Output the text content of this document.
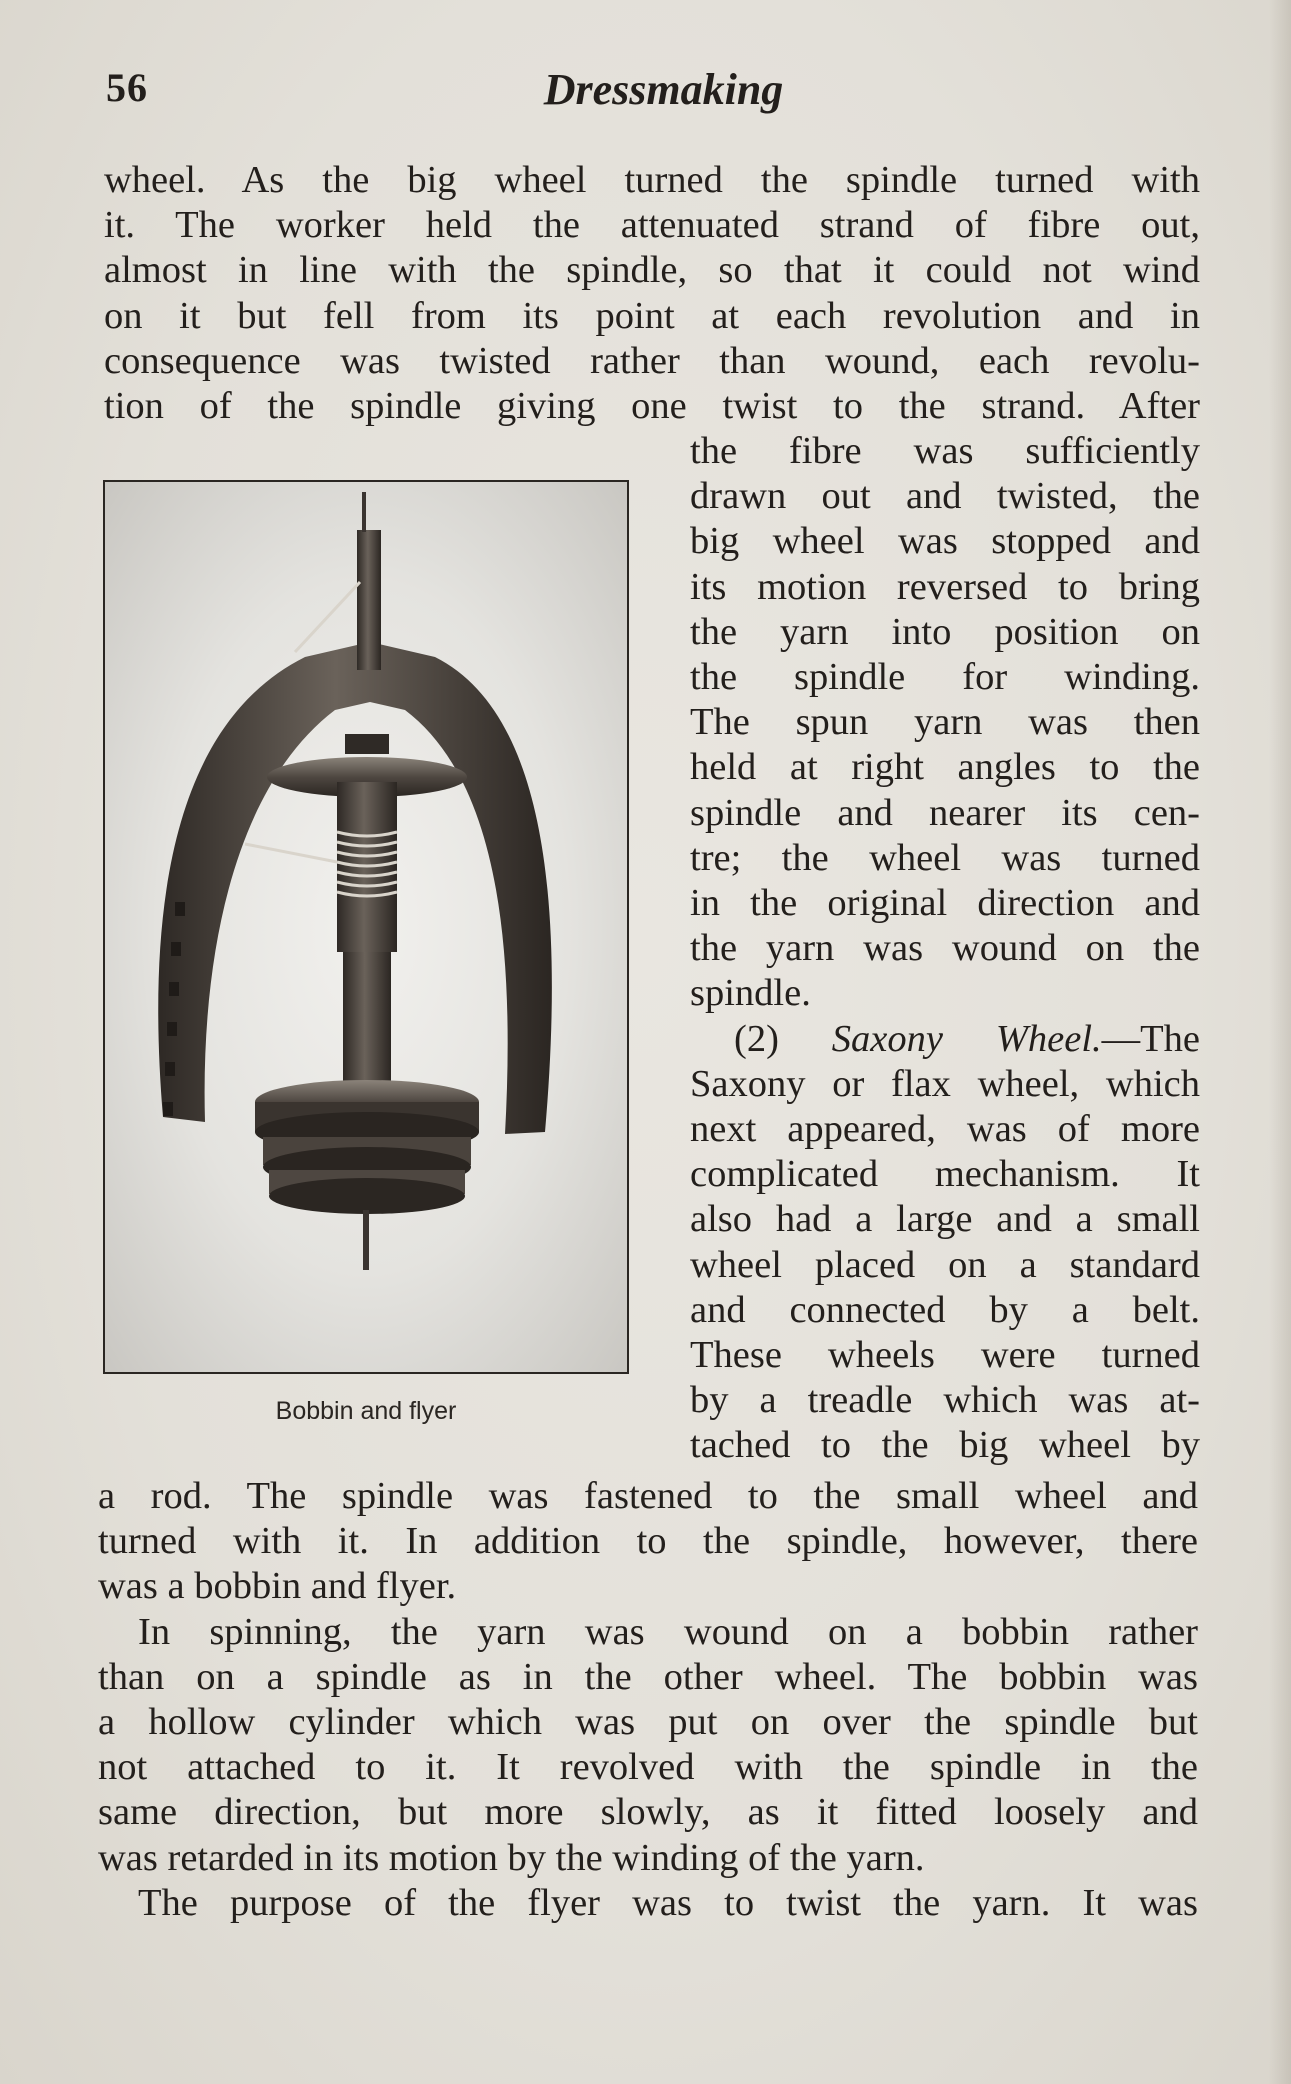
56	Dressmaking

wheel. As the big wheel turned the spindle turned with

it. The worker held the attenuated strand of fibre out,

almost in line with the spindle, so that it could not wind

on it but fell from its point at each revolution and in

consequence was twisted rather than wound, each revolu-

tion of the spindle giving one twist to the strand. After

the fibre was sufficiently

drawn out and twisted, the

big wheel was stopped and

its motion reversed to bring

the yarn into position on

the spindle for winding.

The spun yarn was then

held at right angles to the

spindle and nearer its cen-

tre; the wheel was turned

in the original direction and

the yarn was wound on the

spindle.

(2) Saxony Wheel.—The

Saxony or flax wheel, which

next appeared, was of more

complicated mechanism. It

also had a large and a small

wheel placed on a standard

and connected by a belt.

These wheels were turned

by a treadle which was at-

tached to the big wheel by

Bobbin and flyer

a rod. The spindle was fastened to the small wheel and

turned with it. In addition to the spindle, however, there

was a bobbin and flyer.

In spinning, the yarn was wound on a bobbin rather

than on a spindle as in the other wheel. The bobbin was

a hollow cylinder which was put on over the spindle but

not attached to it. It revolved with the spindle in the

same direction, but more slowly, as it fitted loosely and

was retarded in its motion by the winding of the yarn.

The purpose of the flyer was to twist the yarn. It was
